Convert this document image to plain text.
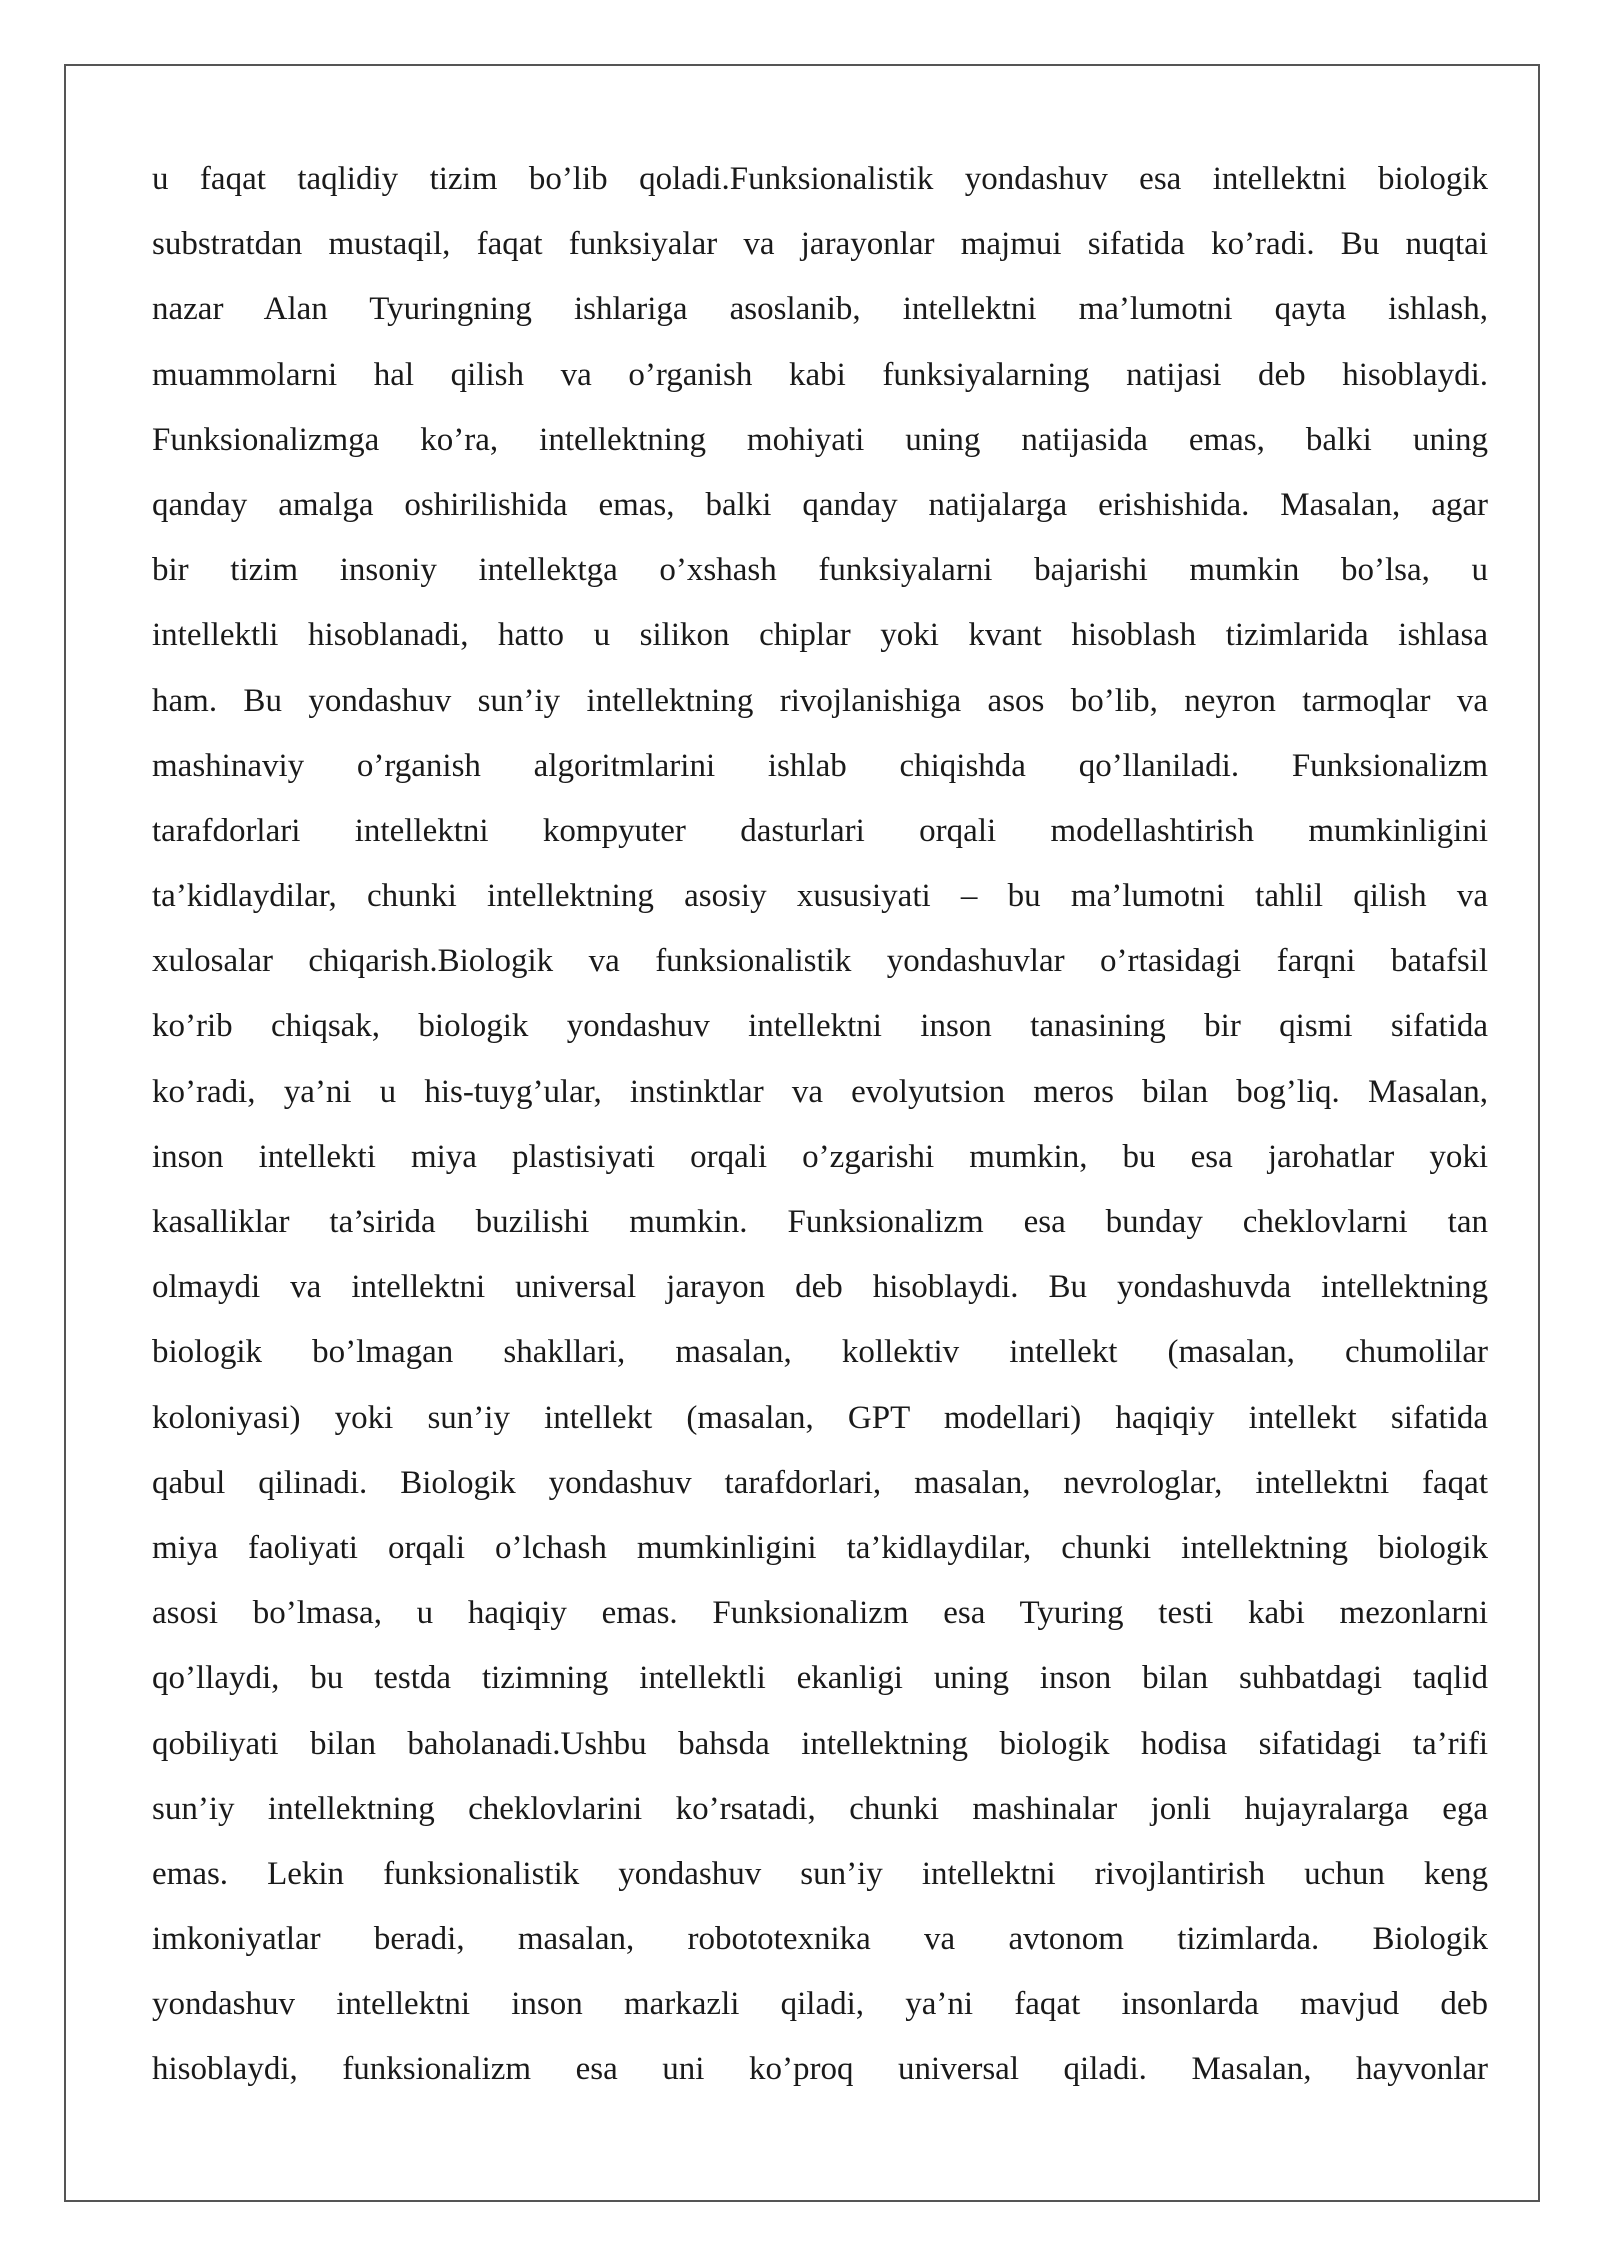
u faqat taqlidiy tizim bo’lib qoladi.Funksionalistik yondashuv esa intellektni biologik
substratdan mustaqil, faqat funksiyalar va jarayonlar majmui sifatida ko’radi. Bu nuqtai
nazar Alan Tyuringning ishlariga asoslanib, intellektni ma’lumotni qayta ishlash,
muammolarni hal qilish va o’rganish kabi funksiyalarning natijasi deb hisoblaydi.
Funksionalizmga ko’ra, intellektning mohiyati uning natijasida emas, balki uning
qanday amalga oshirilishida emas, balki qanday natijalarga erishishida. Masalan, agar
bir tizim insoniy intellektga o’xshash funksiyalarni bajarishi mumkin bo’lsa, u
intellektli hisoblanadi, hatto u silikon chiplar yoki kvant hisoblash tizimlarida ishlasa
ham. Bu yondashuv sun’iy intellektning rivojlanishiga asos bo’lib, neyron tarmoqlar va
mashinaviy o’rganish algoritmlarini ishlab chiqishda qo’llaniladi. Funksionalizm
tarafdorlari intellektni kompyuter dasturlari orqali modellashtirish mumkinligini
ta’kidlaydilar, chunki intellektning asosiy xususiyati – bu ma’lumotni tahlil qilish va
xulosalar chiqarish.Biologik va funksionalistik yondashuvlar o’rtasidagi farqni batafsil
ko’rib chiqsak, biologik yondashuv intellektni inson tanasining bir qismi sifatida
ko’radi, ya’ni u his-tuyg’ular, instinktlar va evolyutsion meros bilan bog’liq. Masalan,
inson intellekti miya plastisiyati orqali o’zgarishi mumkin, bu esa jarohatlar yoki
kasalliklar ta’sirida buzilishi mumkin. Funksionalizm esa bunday cheklovlarni tan
olmaydi va intellektni universal jarayon deb hisoblaydi. Bu yondashuvda intellektning
biologik bo’lmagan shakllari, masalan, kollektiv intellekt (masalan, chumolilar
koloniyasi) yoki sun’iy intellekt (masalan, GPT modellari) haqiqiy intellekt sifatida
qabul qilinadi. Biologik yondashuv tarafdorlari, masalan, nevrologlar, intellektni faqat
miya faoliyati orqali o’lchash mumkinligini ta’kidlaydilar, chunki intellektning biologik
asosi bo’lmasa, u haqiqiy emas. Funksionalizm esa Tyuring testi kabi mezonlarni
qo’llaydi, bu testda tizimning intellektli ekanligi uning inson bilan suhbatdagi taqlid
qobiliyati bilan baholanadi.Ushbu bahsda intellektning biologik hodisa sifatidagi ta’rifi
sun’iy intellektning cheklovlarini ko’rsatadi, chunki mashinalar jonli hujayralarga ega
emas. Lekin funksionalistik yondashuv sun’iy intellektni rivojlantirish uchun keng
imkoniyatlar beradi, masalan, robototexnika va avtonom tizimlarda. Biologik
yondashuv intellektni inson markazli qiladi, ya’ni faqat insonlarda mavjud deb
hisoblaydi, funksionalizm esa uni ko’proq universal qiladi. Masalan, hayvonlar
